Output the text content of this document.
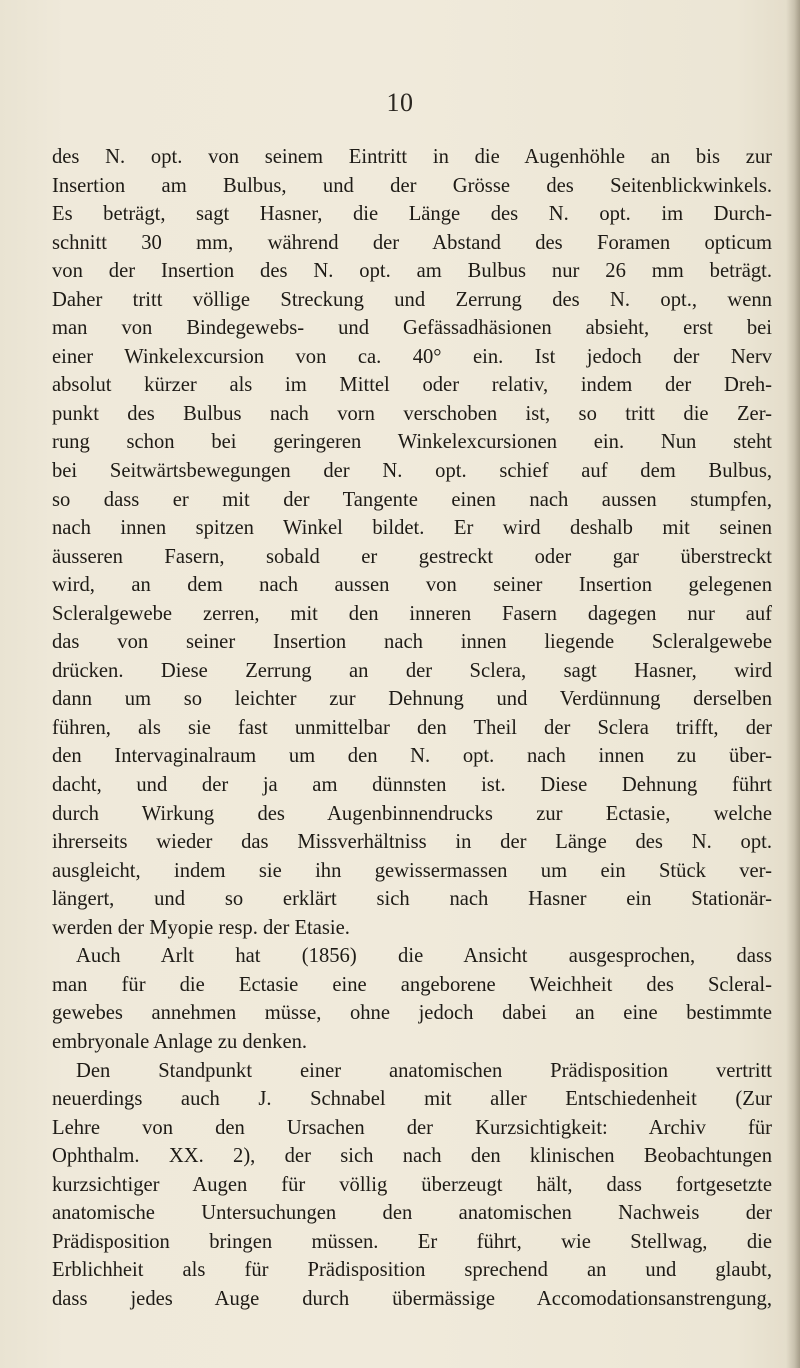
10
des N. opt. von seinem Eintritt in die Augenhöhle an bis zur
Insertion am Bulbus, und der Grösse des Seitenblickwinkels.
Es beträgt, sagt Hasner, die Länge des N. opt. im Durch-
schnitt 30 mm, während der Abstand des Foramen opticum
von der Insertion des N. opt. am Bulbus nur 26 mm beträgt.
Daher tritt völlige Streckung und Zerrung des N. opt., wenn
man von Bindegewebs- und Gefässadhäsionen absieht, erst bei
einer Winkelexcursion von ca. 40° ein. Ist jedoch der Nerv
absolut kürzer als im Mittel oder relativ, indem der Dreh-
punkt des Bulbus nach vorn verschoben ist, so tritt die Zer-
rung schon bei geringeren Winkelexcursionen ein. Nun steht
bei Seitwärtsbewegungen der N. opt. schief auf dem Bulbus,
so dass er mit der Tangente einen nach aussen stumpfen,
nach innen spitzen Winkel bildet. Er wird deshalb mit seinen
äusseren Fasern, sobald er gestreckt oder gar überstreckt
wird, an dem nach aussen von seiner Insertion gelegenen
Scleralgewebe zerren, mit den inneren Fasern dagegen nur auf
das von seiner Insertion nach innen liegende Scleralgewebe
drücken. Diese Zerrung an der Sclera, sagt Hasner, wird
dann um so leichter zur Dehnung und Verdünnung derselben
führen, als sie fast unmittelbar den Theil der Sclera trifft, der
den Intervaginalraum um den N. opt. nach innen zu über-
dacht, und der ja am dünnsten ist. Diese Dehnung führt
durch Wirkung des Augenbinnendrucks zur Ectasie, welche
ihrerseits wieder das Missverhältniss in der Länge des N. opt.
ausgleicht, indem sie ihn gewissermassen um ein Stück ver-
längert, und so erklärt sich nach Hasner ein Stationär-
werden der Myopie resp. der Etasie.
Auch Arlt hat (1856) die Ansicht ausgesprochen, dass
man für die Ectasie eine angeborene Weichheit des Scleral-
gewebes annehmen müsse, ohne jedoch dabei an eine bestimmte
embryonale Anlage zu denken.
Den Standpunkt einer anatomischen Prädisposition vertritt
neuerdings auch J. Schnabel mit aller Entschiedenheit (Zur
Lehre von den Ursachen der Kurzsichtigkeit: Archiv für
Ophthalm. XX. 2), der sich nach den klinischen Beobachtungen
kurzsichtiger Augen für völlig überzeugt hält, dass fortgesetzte
anatomische Untersuchungen den anatomischen Nachweis der
Prädisposition bringen müssen. Er führt, wie Stellwag, die
Erblichheit als für Prädisposition sprechend an und glaubt,
dass jedes Auge durch übermässige Accomodationsanstrengung,
